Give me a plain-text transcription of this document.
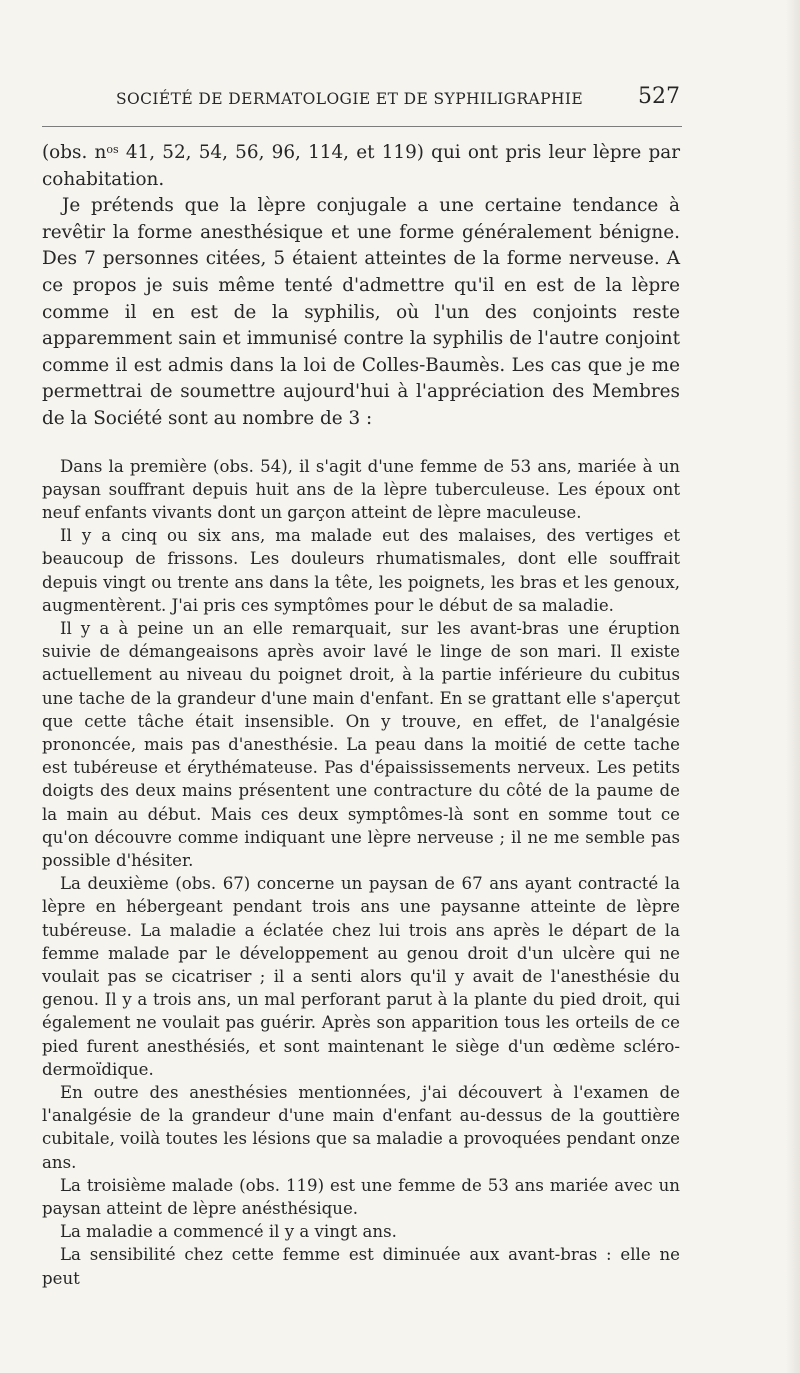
SOCIÉTÉ DE DERMATOLOGIE ET DE SYPHILIGRAPHIE 527

(obs. $n^{os}$ 41, 52, 54, 56, 96, 114, et 119) qui ont pris leur lèpre par cohabitation.

Je prétends que la lèpre conjugale a une certaine tendance à revêtir la forme anesthésique et une forme généralement bénigne. Des 7 personnes citées, 5 étaient atteintes de la forme nerveuse. A ce propos je suis même tenté d'admettre qu'il en est de la lèpre comme il en est de la syphilis, où l'un des conjoints reste apparemment sain et immunisé contre la syphilis de l'autre conjoint comme il est admis dans la loi de Colles-Baumès. Les cas que je me permettrai de soumettre aujourd'hui à l'appréciation des Membres de la Société sont au nombre de 3 :

Dans la première (obs. 54), il s'agit d'une femme de 53 ans, mariée à un paysan souffrant depuis huit ans de la lèpre tuberculeuse. Les époux ont neuf enfants vivants dont un garçon atteint de lèpre maculeuse.

Il y a cinq ou six ans, ma malade eut des malaises, des vertiges et beaucoup de frissons. Les douleurs rhumatismales, dont elle souffrait depuis vingt ou trente ans dans la tête, les poignets, les bras et les genoux, augmentèrent. J'ai pris ces symptômes pour le début de sa maladie.

Il y a à peine un an elle remarquait, sur les avant-bras une éruption suivie de démangeaisons après avoir lavé le linge de son mari. Il existe actuellement au niveau du poignet droit, à la partie inférieure du cubitus une tache de la grandeur d'une main d'enfant. En se grattant elle s'aperçut que cette tâche était insensible. On y trouve, en effet, de l'analgésie prononcée, mais pas d'anesthésie. La peau dans la moitié de cette tache est tubéreuse et érythémateuse. Pas d'épaississements nerveux. Les petits doigts des deux mains présentent une contracture du côté de la paume de la main au début. Mais ces deux symptômes-là sont en somme tout ce qu'on découvre comme indiquant une lèpre nerveuse ; il ne me semble pas possible d'hésiter.

La deuxième (obs. 67) concerne un paysan de 67 ans ayant contracté la lèpre en hébergeant pendant trois ans une paysanne atteinte de lèpre tubéreuse. La maladie a éclatée chez lui trois ans après le départ de la femme malade par le développement au genou droit d'un ulcère qui ne voulait pas se cicatriser ; il a senti alors qu'il y avait de l'anesthésie du genou. Il y a trois ans, un mal perforant parut à la plante du pied droit, qui également ne voulait pas guérir. Après son apparition tous les orteils de ce pied furent anesthésiés, et sont maintenant le siège d'un œdème scléro-dermoïdique.

En outre des anesthésies mentionnées, j'ai découvert à l'examen de l'analgésie de la grandeur d'une main d'enfant au-dessus de la gouttière cubitale, voilà toutes les lésions que sa maladie a provoquées pendant onze ans.

La troisième malade (obs. 119) est une femme de 53 ans mariée avec un paysan atteint de lèpre anésthésique.

La maladie a commencé il y a vingt ans.

La sensibilité chez cette femme est diminuée aux avant-bras : elle ne peut
